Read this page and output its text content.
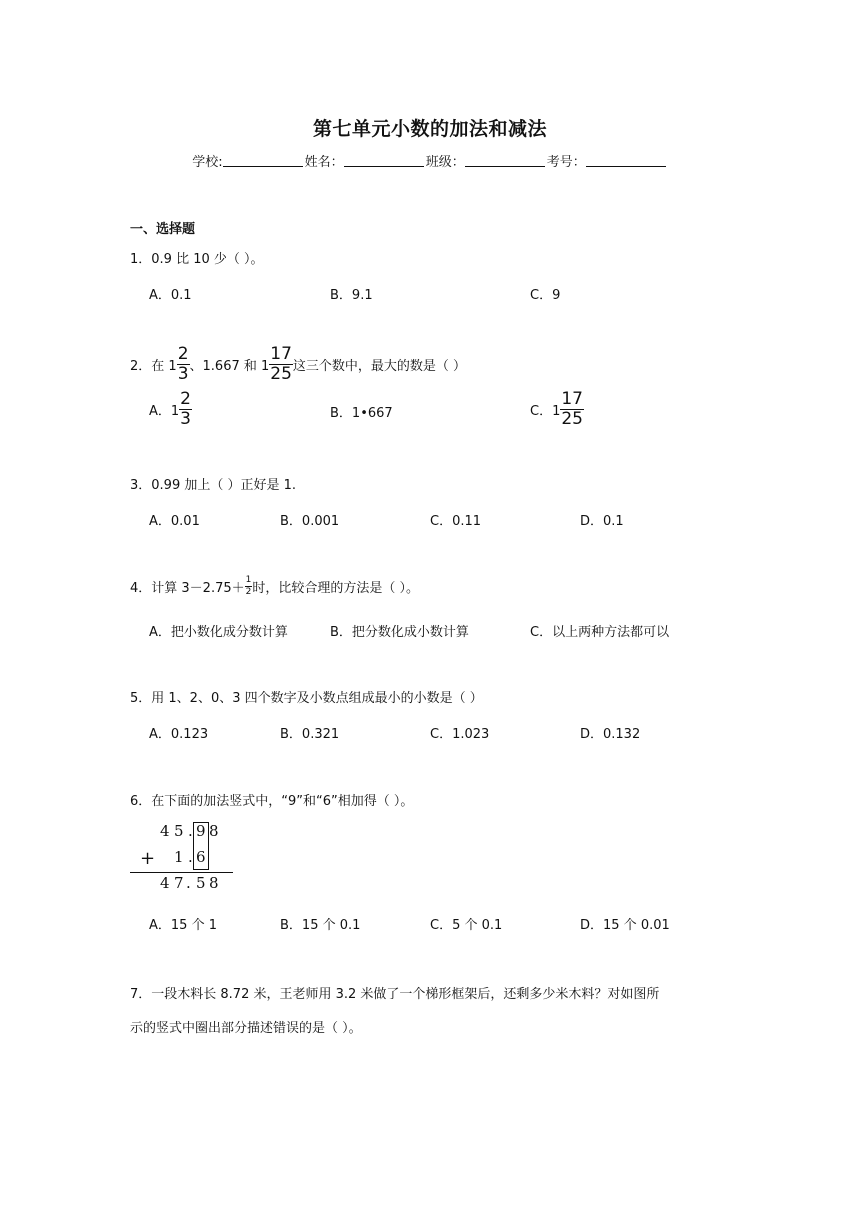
第七单元小数的加法和减法
学校:	姓名：	班级：	考号：
一、选择题
1．0.9 比 10 少（ ）。
A．0.1	B．9.1	C．9
2．在 $1 \frac{2}{3}$ 、1.667 和 $1 \frac{17}{25}$ 这三个数中，最大的数是（ ）
A．$1 \frac{2}{3}$	B．1•667	C．$1 \frac{17}{25}$
3．0.99 加上（ ）正好是 1.
A．0.01	B．0.001	C．0.11	D．0.1
4．计算 $3-2.75+ \frac{1}{2}$ 时，比较合理的方法是（ ）。
A．把小数化成分数计算	B．把分数化成小数计算	C．以上两种方法都可以
5．用 1、2、0、3 四个数字及小数点组成最小的小数是（ ）
A．0.123	B．0.321	C．1.023	D．0.132
6．在下面的加法竖式中，“9”和“6”相加得（ ）。
4 5 . 9 8
+ 1 . 6
4 7 . 5 8
A．15 个 1	B．15 个 0.1	C．5 个 0.1	D．15 个 0.01
7．一段木料长 8.72 米，王老师用 3.2 米做了一个梯形框架后，还剩多少米木料？对如图所
示的竖式中圈出部分描述错误的是（ ）。
